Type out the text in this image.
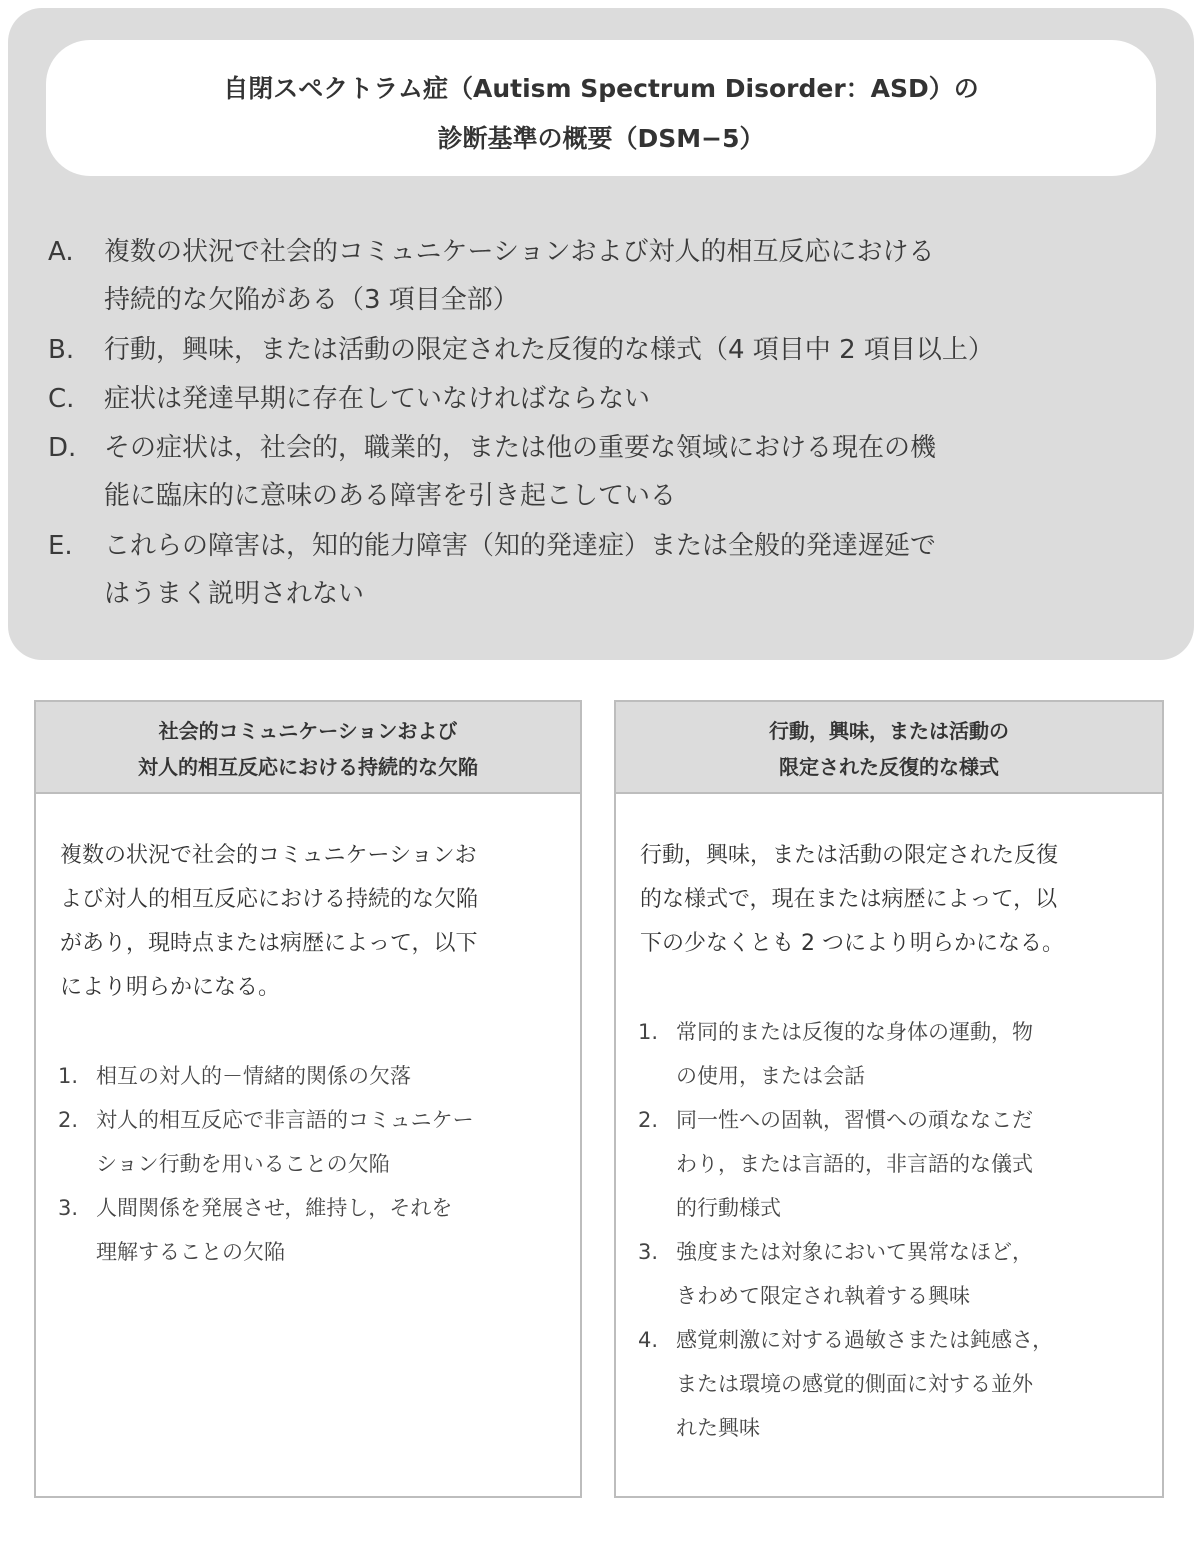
自閉スペクトラム症（Autism Spectrum Disorder：ASD）の
診断基準の概要（DSM−5）
A. 複数の状況で社会的コミュニケーションおよび対人的相互反応における
持続的な欠陥がある（3 項目全部）
B. 行動，興味，または活動の限定された反復的な様式（4 項目中 2 項目以上）
C. 症状は発達早期に存在していなければならない
D. その症状は，社会的，職業的，または他の重要な領域における現在の機
能に臨床的に意味のある障害を引き起こしている
E. これらの障害は，知的能力障害（知的発達症）または全般的発達遅延で
はうまく説明されない
社会的コミュニケーションおよび
対人的相互反応における持続的な欠陥
複数の状況で社会的コミュニケーションお
よび対人的相互反応における持続的な欠陥
があり，現時点または病歴によって，以下
により明らかになる。
1. 相互の対人的－情緒的関係の欠落
2. 対人的相互反応で非言語的コミュニケー
ション行動を用いることの欠陥
3. 人間関係を発展させ，維持し，それを
理解することの欠陥
行動，興味，または活動の
限定された反復的な様式
行動，興味，または活動の限定された反復
的な様式で，現在または病歴によって，以
下の少なくとも 2 つにより明らかになる。
1. 常同的または反復的な身体の運動，物
の使用，または会話
2. 同一性への固執，習慣への頑ななこだ
わり，または言語的，非言語的な儀式
的行動様式
3. 強度または対象において異常なほど，
きわめて限定され執着する興味
4. 感覚刺激に対する過敏さまたは鈍感さ，
または環境の感覚的側面に対する並外
れた興味
